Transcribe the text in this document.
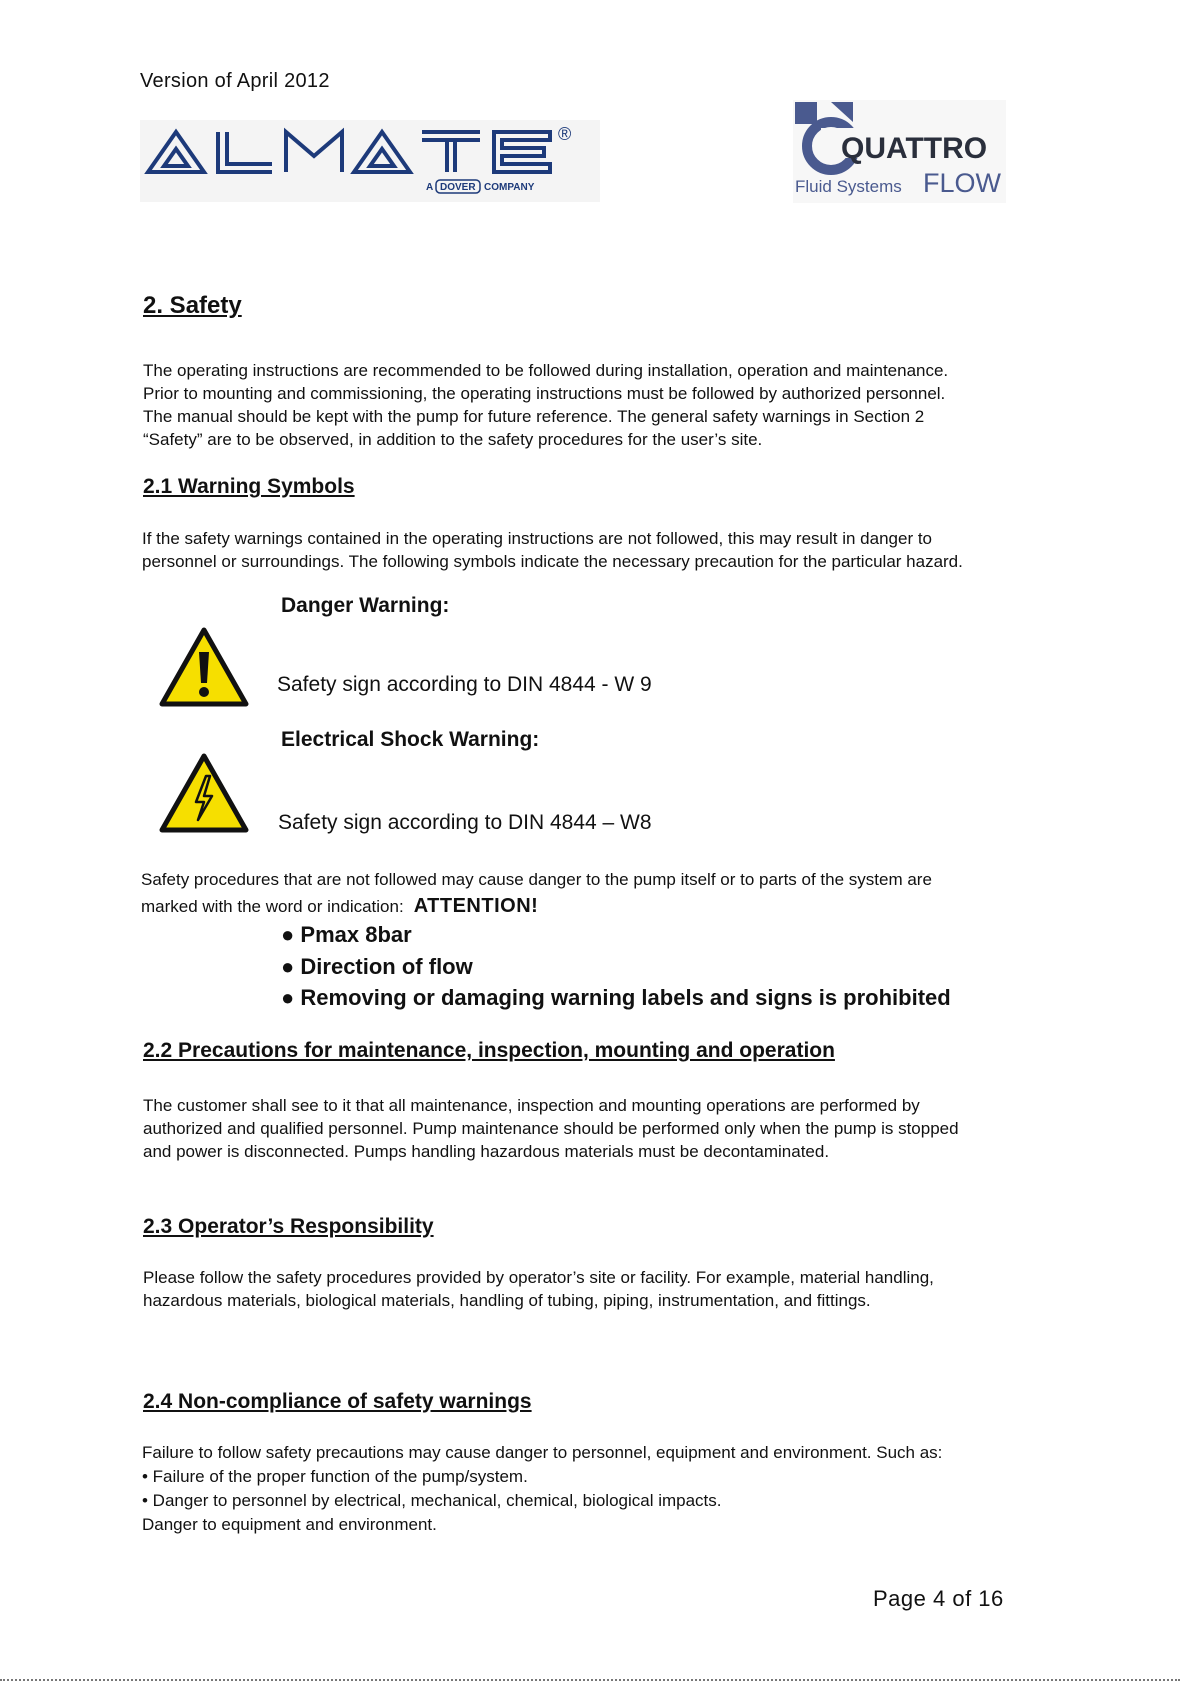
Version of April 2012
®
A DOVER COMPANY
QUATTRO
Fluid Systems FLOW
2. Safety
The operating instructions are recommended to be followed during installation, operation and maintenance.
Prior to mounting and commissioning, the operating instructions must be followed by authorized personnel.
The manual should be kept with the pump for future reference. The general safety warnings in Section 2
“Safety” are to be observed, in addition to the safety procedures for the user’s site.
2.1 Warning Symbols
If the safety warnings contained in the operating instructions are not followed, this may result in danger to
personnel or surroundings. The following symbols indicate the necessary precaution for the particular hazard.
Danger Warning:
Safety sign according to DIN 4844 - W 9
Electrical Shock Warning:
Safety sign according to DIN 4844 – W8
Safety procedures that are not followed may cause danger to the pump itself or to parts of the system are
marked with the word or indication: ATTENTION!
● Pmax 8bar
● Direction of flow
● Removing or damaging warning labels and signs is prohibited
2.2 Precautions for maintenance, inspection, mounting and operation
The customer shall see to it that all maintenance, inspection and mounting operations are performed by
authorized and qualified personnel. Pump maintenance should be performed only when the pump is stopped
and power is disconnected. Pumps handling hazardous materials must be decontaminated.
2.3 Operator’s Responsibility
Please follow the safety procedures provided by operator’s site or facility. For example, material handling,
hazardous materials, biological materials, handling of tubing, piping, instrumentation, and fittings.
2.4 Non-compliance of safety warnings
Failure to follow safety precautions may cause danger to personnel, equipment and environment. Such as:
• Failure of the proper function of the pump/system.
• Danger to personnel by electrical, mechanical, chemical, biological impacts.
Danger to equipment and environment.
Page 4 of 16
